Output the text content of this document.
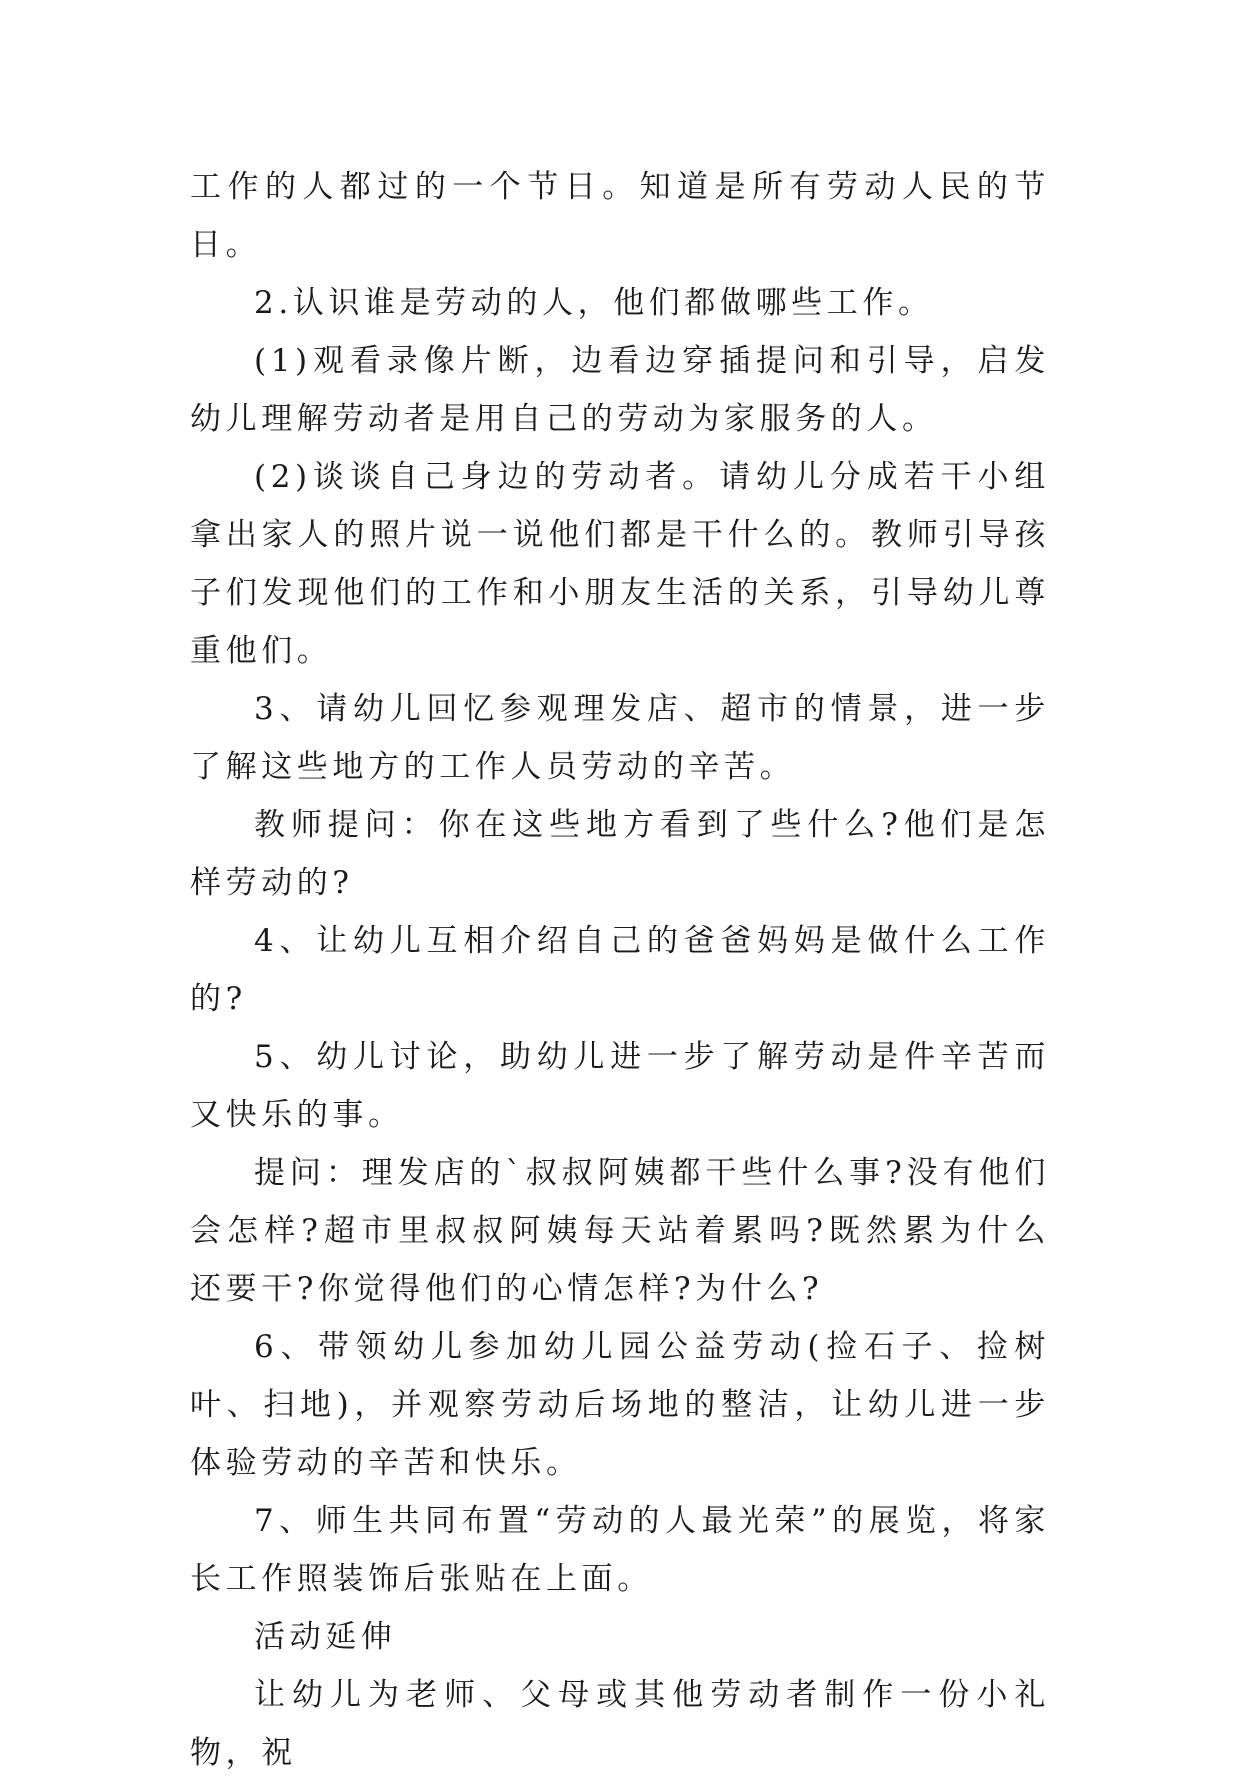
工作的人都过的一个节日。知道是所有劳动人民的节日。

2.认识谁是劳动的人，他们都做哪些工作。

(1)观看录像片断，边看边穿插提问和引导，启发幼儿理解劳动者是用自己的劳动为家服务的人。

(2)谈谈自己身边的劳动者。请幼儿分成若干小组拿出家人的照片说一说他们都是干什么的。教师引导孩子们发现他们的工作和小朋友生活的关系，引导幼儿尊重他们。

3、请幼儿回忆参观理发店、超市的情景，进一步了解这些地方的工作人员劳动的辛苦。

教师提问：你在这些地方看到了些什么?他们是怎样劳动的?

4、让幼儿互相介绍自己的爸爸妈妈是做什么工作的?

5、幼儿讨论，助幼儿进一步了解劳动是件辛苦而又快乐的事。

提问：理发店的`叔叔阿姨都干些什么事?没有他们会怎样?超市里叔叔阿姨每天站着累吗?既然累为什么还要干?你觉得他们的心情怎样?为什么?

6、带领幼儿参加幼儿园公益劳动(捡石子、捡树叶、扫地)，并观察劳动后场地的整洁，让幼儿进一步体验劳动的辛苦和快乐。

7、师生共同布置“劳动的人最光荣”的展览，将家长工作照装饰后张贴在上面。

活动延伸

让幼儿为老师、父母或其他劳动者制作一份小礼物，祝
